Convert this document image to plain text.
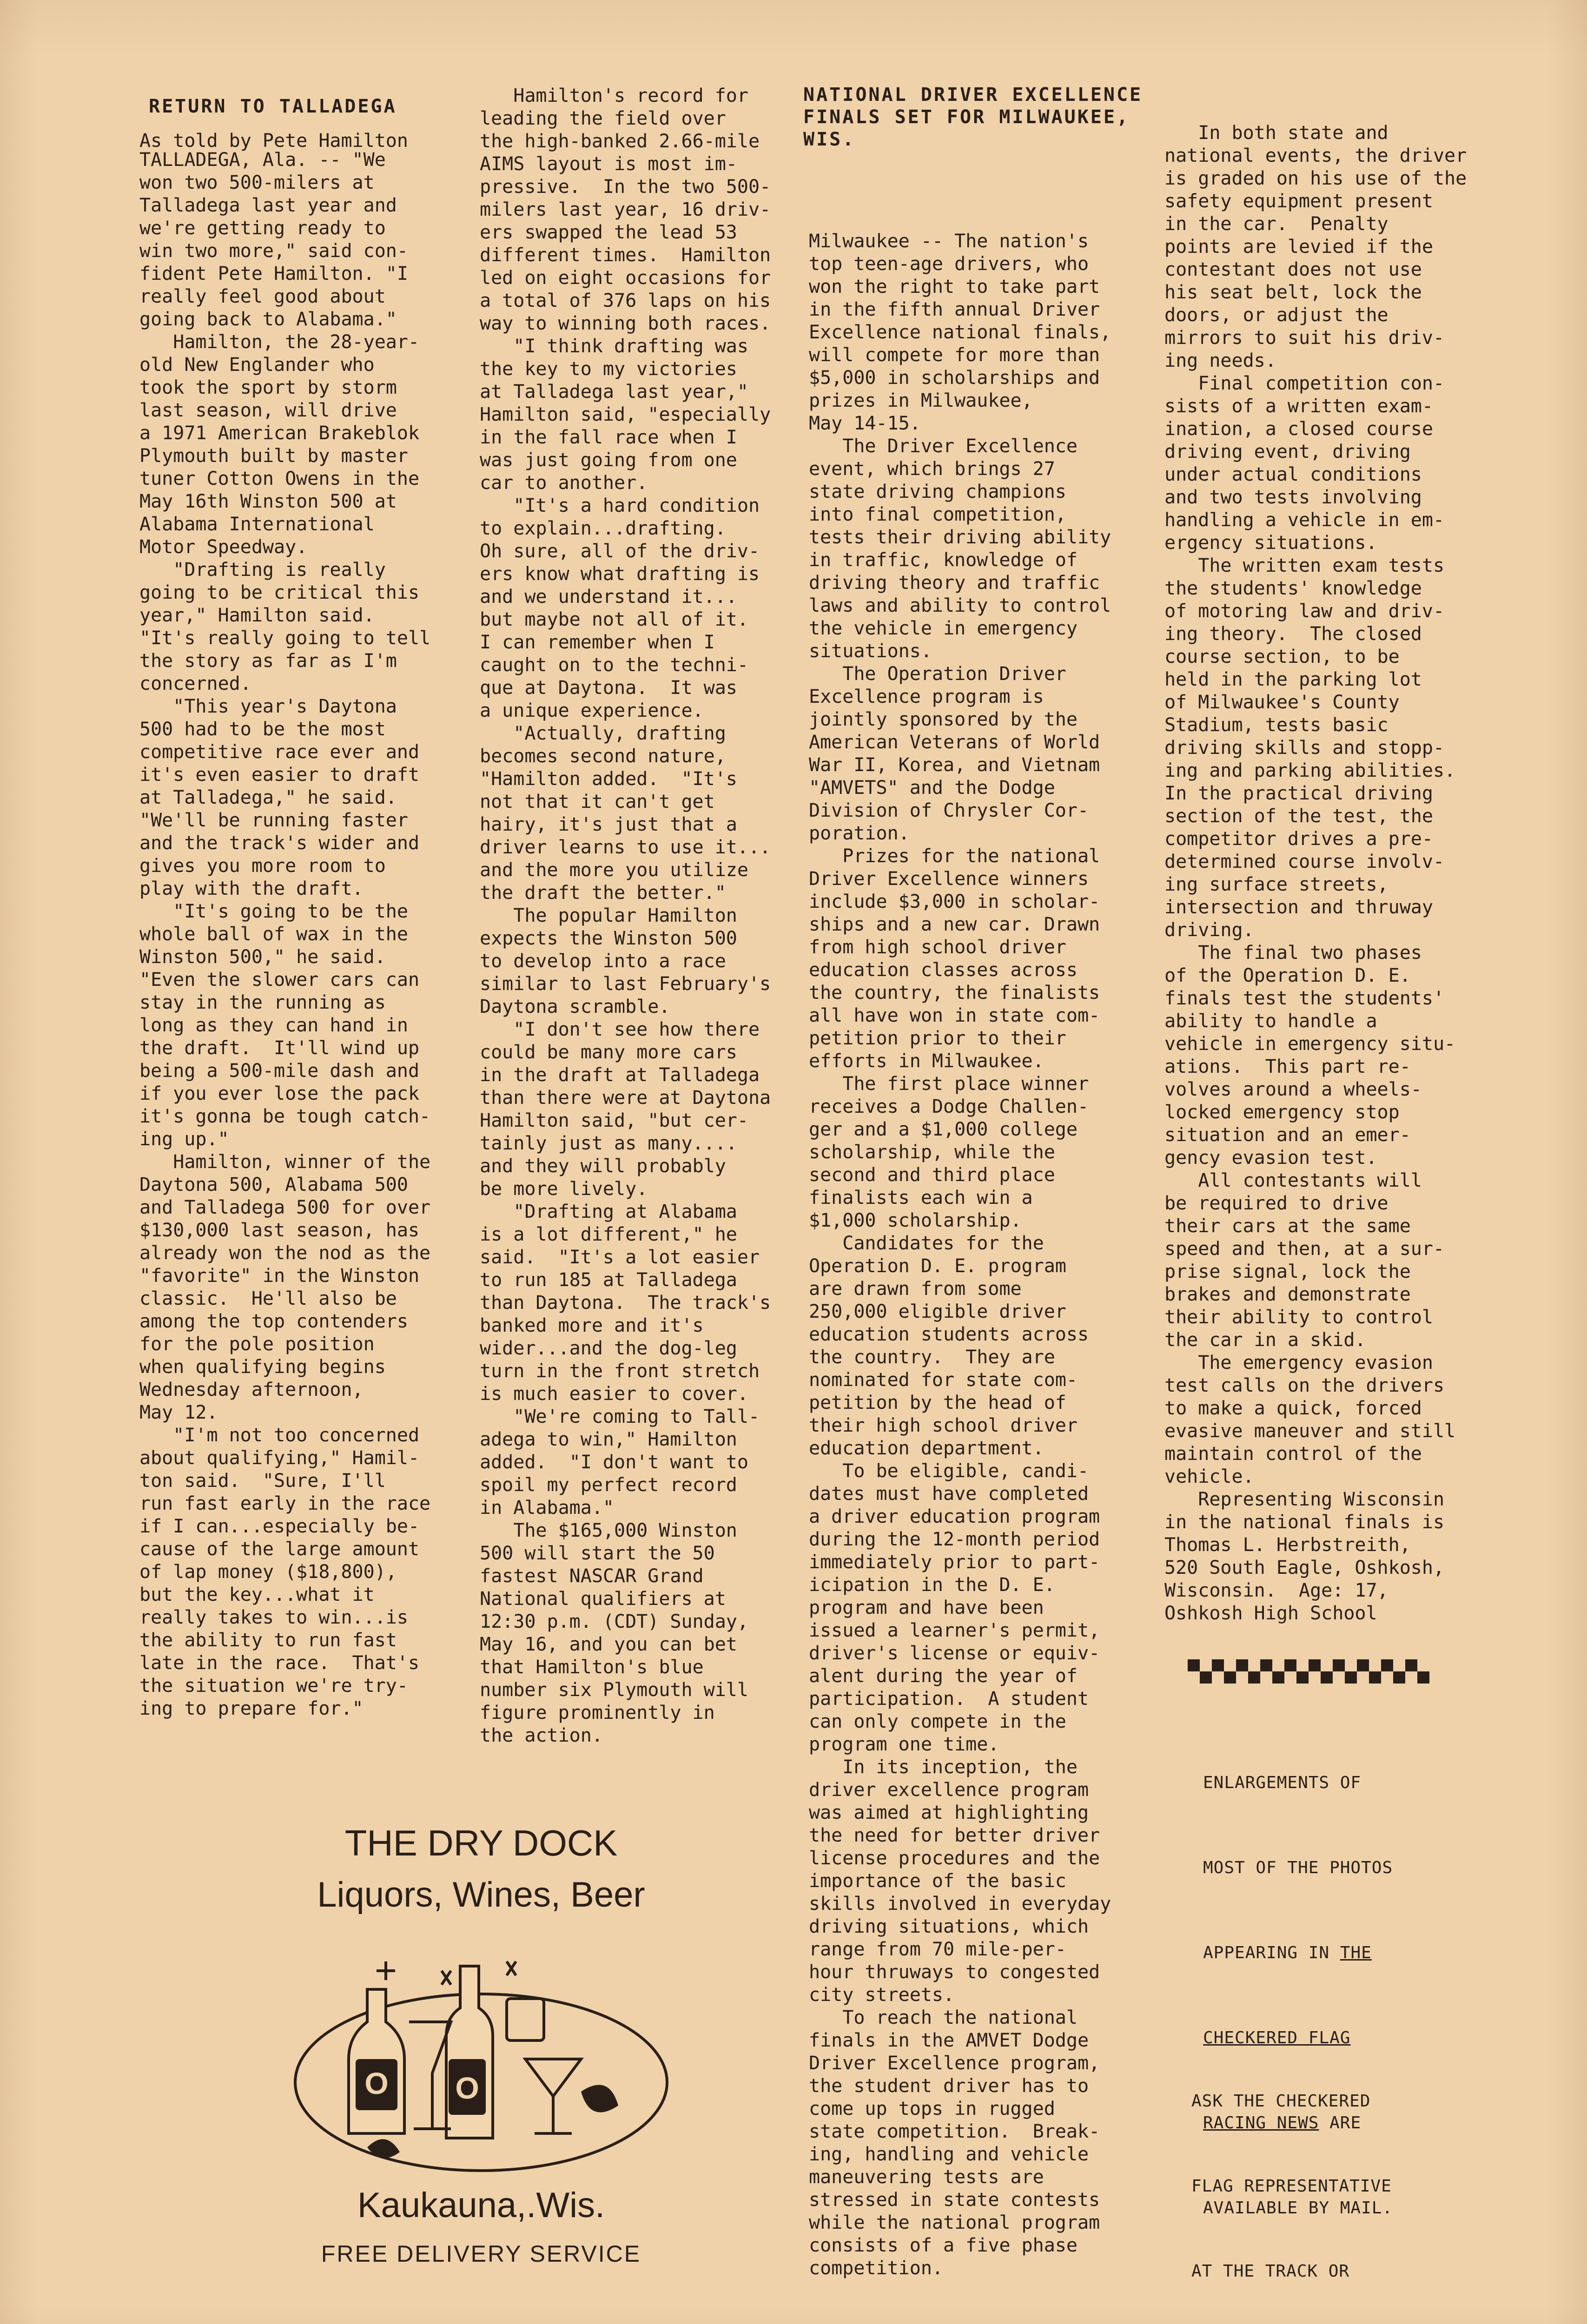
RETURN TO TALLADEGA
As told by Pete Hamilton

TALLADEGA, Ala. -- "We

won two 500-milers at

Talladega last year and

we're getting ready to

win two more," said con-

fident Pete Hamilton. "I

really feel good about

going back to Alabama."

Hamilton, the 28-year-

old New Englander who

took the sport by storm

last season, will drive

a 1971 American Brakeblok

Plymouth built by master

tuner Cotton Owens in the

May 16th Winston 500 at

Alabama International

Motor Speedway.

"Drafting is really

going to be critical this

year," Hamilton said.

"It's really going to tell

the story as far as I'm

concerned.

"This year's Daytona

500 had to be the most

competitive race ever and

it's even easier to draft

at Talladega," he said.

"We'll be running faster

and the track's wider and

gives you more room to

play with the draft.

"It's going to be the

whole ball of wax in the

Winston 500," he said.

"Even the slower cars can

stay in the running as

long as they can hand in

the draft.  It'll wind up

being a 500-mile dash and

if you ever lose the pack

it's gonna be tough catch-

ing up."

Hamilton, winner of the

Daytona 500, Alabama 500

and Talladega 500 for over

$130,000 last season, has

already won the nod as the

"favorite" in the Winston

classic.  He'll also be

among the top contenders

for the pole position

when qualifying begins

Wednesday afternoon,

May 12.

"I'm not too concerned

about qualifying," Hamil-

ton said.  "Sure, I'll

run fast early in the race

if I can...especially be-

cause of the large amount

of lap money ($18,800),

but the key...what it

really takes to win...is

the ability to run fast

late in the race.  That's

the situation we're try-

ing to prepare for."

Hamilton's record for

leading the field over

the high-banked 2.66-mile

AIMS layout is most im-

pressive.  In the two 500-

milers last year, 16 driv-

ers swapped the lead 53

different times.  Hamilton

led on eight occasions for

a total of 376 laps on his

way to winning both races.

"I think drafting was

the key to my victories

at Talladega last year,"

Hamilton said, "especially

in the fall race when I

was just going from one

car to another.

"It's a hard condition

to explain...drafting.

Oh sure, all of the driv-

ers know what drafting is

and we understand it...

but maybe not all of it.

I can remember when I

caught on to the techni-

que at Daytona.  It was

a unique experience.

"Actually, drafting

becomes second nature,

"Hamilton added.  "It's

not that it can't get

hairy, it's just that a

driver learns to use it...

and the more you utilize

the draft the better."

The popular Hamilton

expects the Winston 500

to develop into a race

similar to last February's

Daytona scramble.

"I don't see how there

could be many more cars

in the draft at Talladega

than there were at Daytona

Hamilton said, "but cer-

tainly just as many....

and they will probably

be more lively.

"Drafting at Alabama

is a lot different," he

said.  "It's a lot easier

to run 185 at Talladega

than Daytona.  The track's

banked more and it's

wider...and the dog-leg

turn in the front stretch

is much easier to cover.

"We're coming to Tall-

adega to win," Hamilton

added.  "I don't want to

spoil my perfect record

in Alabama."

The $165,000 Winston

500 will start the 50

fastest NASCAR Grand

National qualifiers at

12:30 p.m. (CDT) Sunday,

May 16, and you can bet

that Hamilton's blue

number six Plymouth will

figure prominently in

the action.

NATIONAL DRIVER EXCELLENCE
FINALS SET FOR MILWAUKEE,
WIS.

Milwaukee -- The nation's

top teen-age drivers, who

won the right to take part

in the fifth annual Driver

Excellence national finals,

will compete for more than

$5,000 in scholarships and

prizes in Milwaukee,

May 14-15.

The Driver Excellence

event, which brings 27

state driving champions

into final competition,

tests their driving ability

in traffic, knowledge of

driving theory and traffic

laws and ability to control

the vehicle in emergency

situations.

The Operation Driver

Excellence program is

jointly sponsored by the

American Veterans of World

War II, Korea, and Vietnam

"AMVETS" and the Dodge

Division of Chrysler Cor-

poration.

Prizes for the national

Driver Excellence winners

include $3,000 in scholar-

ships and a new car. Drawn

from high school driver

education classes across

the country, the finalists

all have won in state com-

petition prior to their

efforts in Milwaukee.

The first place winner

receives a Dodge Challen-

ger and a $1,000 college

scholarship, while the

second and third place

finalists each win a

$1,000 scholarship.

Candidates for the

Operation D. E. program

are drawn from some

250,000 eligible driver

education students across

the country.  They are

nominated for state com-

petition by the head of

their high school driver

education department.

To be eligible, candi-

dates must have completed

a driver education program

during the 12-month period

immediately prior to part-

icipation in the D. E.

program and have been

issued a learner's permit,

driver's license or equiv-

alent during the year of

participation.  A student

can only compete in the

program one time.

In its inception, the

driver excellence program

was aimed at highlighting

the need for better driver

license procedures and the

importance of the basic

skills involved in everyday

driving situations, which

range from 70 mile-per-

hour thruways to congested

city streets.

To reach the national

finals in the AMVET Dodge

Driver Excellence program,

the student driver has to

come up tops in rugged

state competition.  Break-

ing, handling and vehicle

maneuvering tests are

stressed in state contests

while the national program

consists of a five phase

competition.

In both state and

national events, the driver

is graded on his use of the

safety equipment present

in the car.  Penalty

points are levied if the

contestant does not use

his seat belt, lock the

doors, or adjust the

mirrors to suit his driv-

ing needs.

Final competition con-

sists of a written exam-

ination, a closed course

driving event, driving

under actual conditions

and two tests involving

handling a vehicle in em-

ergency situations.

The written exam tests

the students' knowledge

of motoring law and driv-

ing theory.  The closed

course section, to be

held in the parking lot

of Milwaukee's County

Stadium, tests basic

driving skills and stopp-

ing and parking abilities.

In the practical driving

section of the test, the

competitor drives a pre-

determined course involv-

ing surface streets,

intersection and thruway

driving.

The final two phases

of the Operation D. E.

finals test the students'

ability to handle a

vehicle in emergency situ-

ations.  This part re-

volves around a wheels-

locked emergency stop

situation and an emer-

gency evasion test.

All contestants will

be required to drive

their cars at the same

speed and then, at a sur-

prise signal, lock the

brakes and demonstrate

their ability to control

the car in a skid.

The emergency evasion

test calls on the drivers

to make a quick, forced

evasive maneuver and still

maintain control of the

vehicle.

Representing Wisconsin

in the national finals is

Thomas L. Herbstreith,

520 South Eagle, Oshkosh,

Wisconsin.  Age: 17,

Oshkosh High School

ENLARGEMENTS OF

MOST OF THE PHOTOS

APPEARING IN THE

CHECKERED FLAG

RACING NEWS ARE

AVAILABLE BY MAIL.

ASK THE CHECKERED

FLAG REPRESENTATIVE

AT THE TRACK OR

THE DRY DOCK
Liquors, Wines, Beer
O O
Kaukauna,.Wis.
FREE DELIVERY SERVICE
